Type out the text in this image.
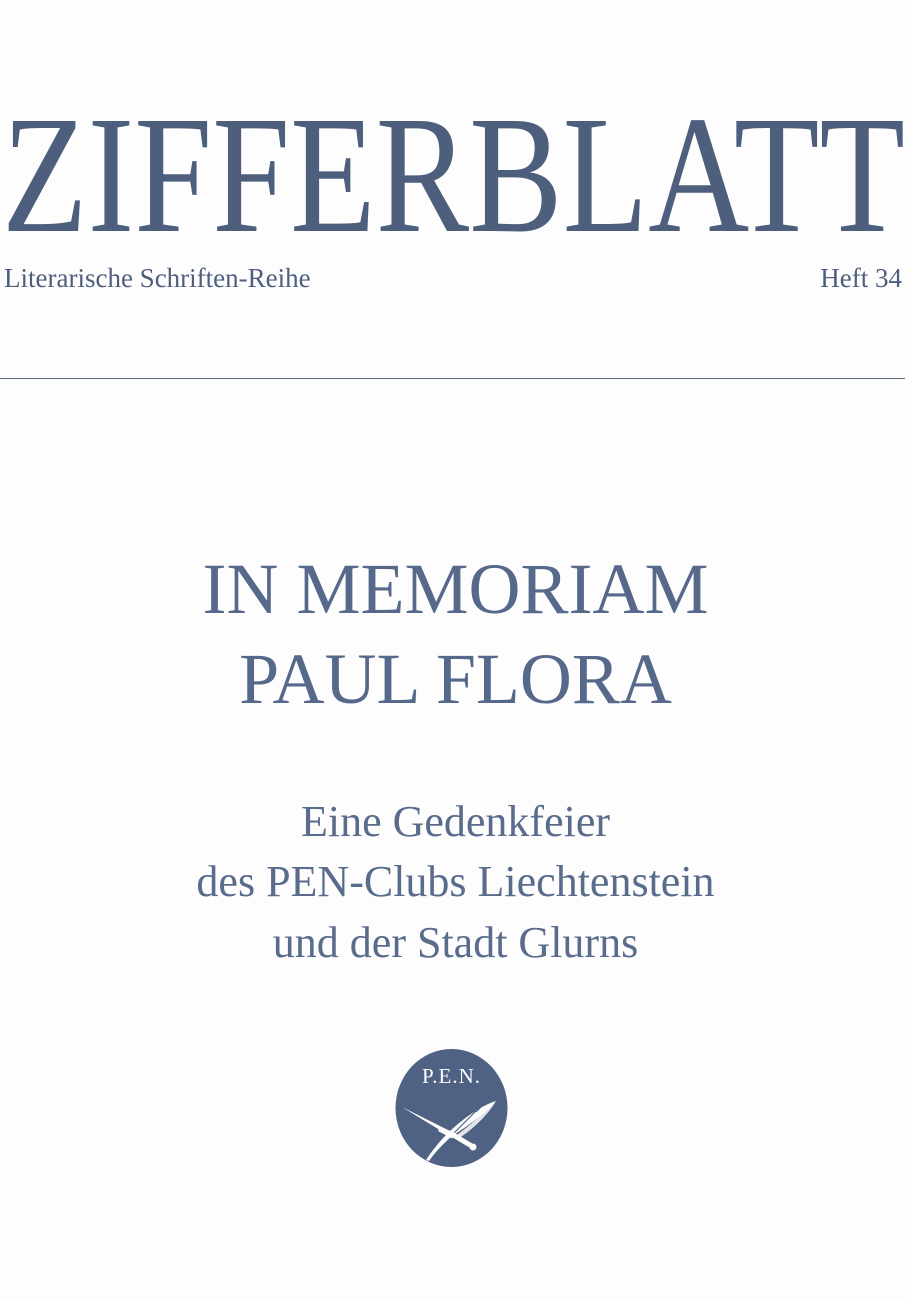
ZIFFERBLATT
Literarische Schriften-Reihe	Heft 34
IN MEMORIAM
PAUL FLORA
Eine Gedenkfeier
des PEN-Clubs Liechtenstein
und der Stadt Glurns
P.E.N.
